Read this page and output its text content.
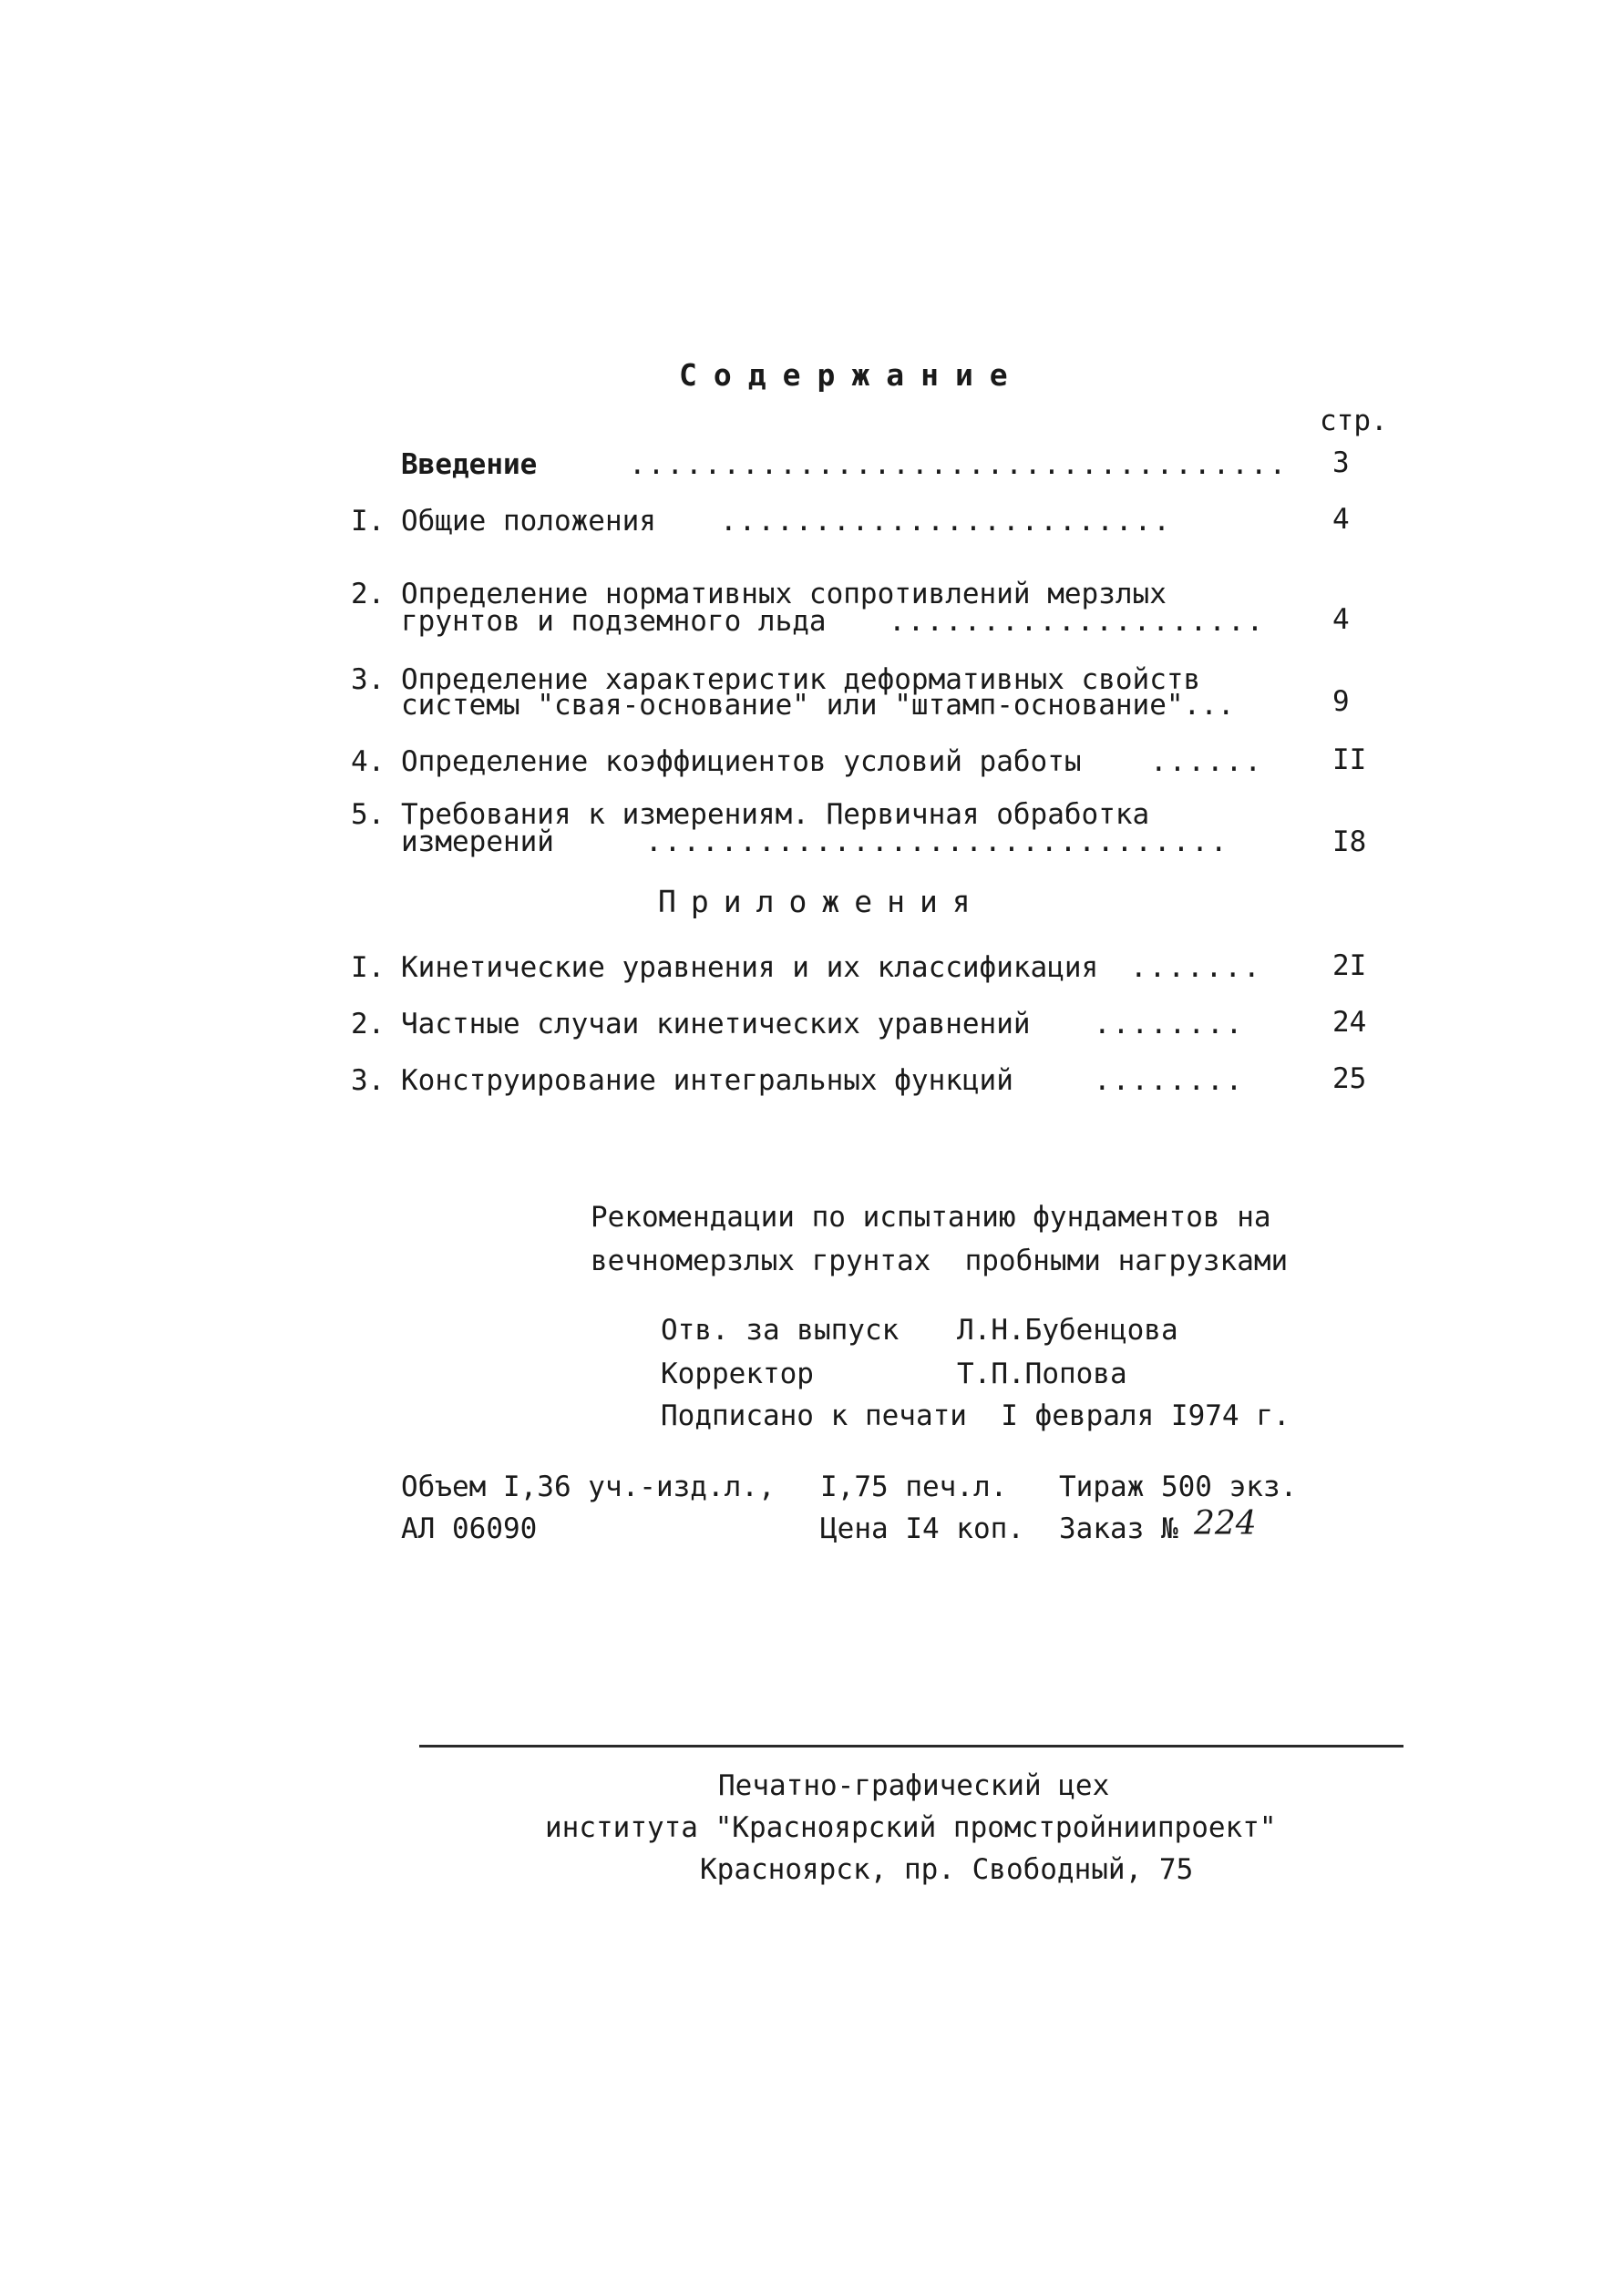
Содержание
стр.
Введение	................................... 3
I. Общие положения ........................	4
2. Определение нормативных сопротивлений мерзлых
грунтов и подземного льда .................... 4
3. Определение характеристик деформативных свойств
системы "свая-основание" или "штамп-основание"...	9
4. Определение коэффициентов условий работы ...... II
5. Требования к измерениям. Первичная обработка
измерений	...............................	I8
Приложения
I. Кинетические уравнения и их классификация ....... 2I
2. Частные случаи кинетических уравнений ........	24
3. Конструирование интегральных функций	........	25
Рекомендации по испытанию фундаментов на
вечномерзлых грунтах  пробными нагрузками
Отв. за выпуск Л.Н.Бубенцова
Корректор	Т.П.Попова
Подписано к печати  I февраля I974 г.
Объем I,36 уч.-изд.л., I,75 печ.л. Тираж 500 экз.
АЛ 06090	Цена I4 коп. Заказ № 224
Печатно-графический цех
института "Красноярский промстройниипроект"
Красноярск, пр. Свободный, 75
